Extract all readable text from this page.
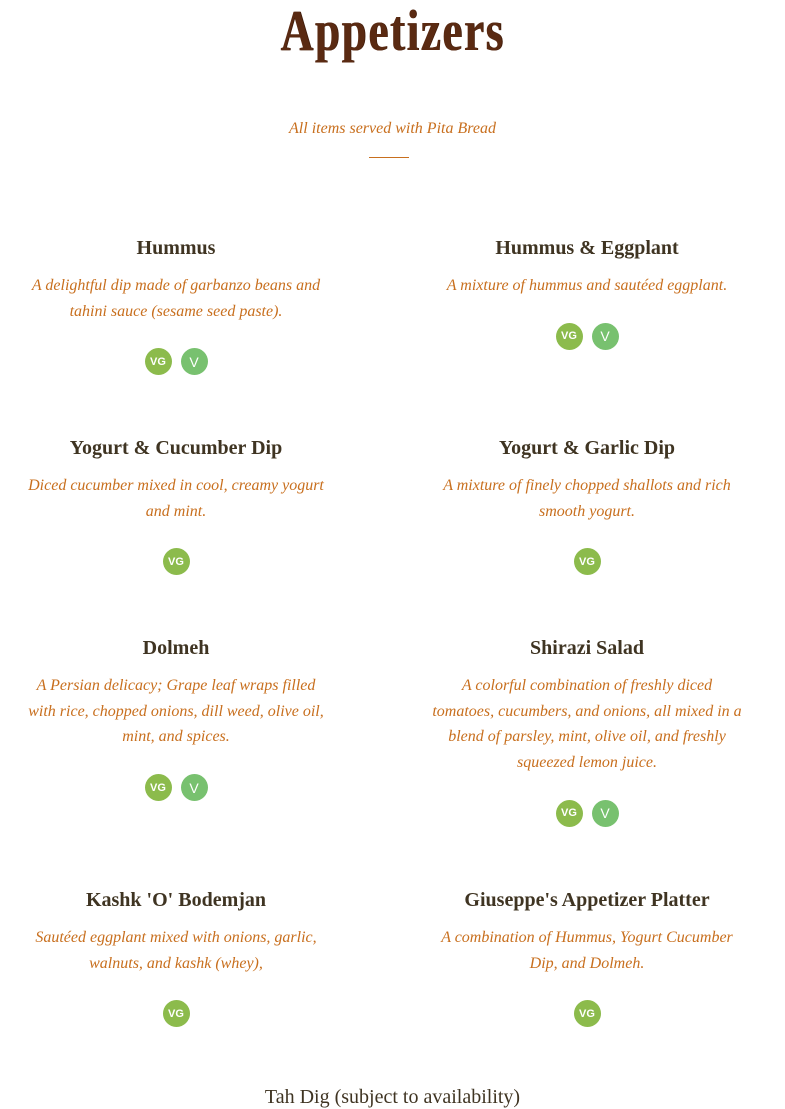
Appetizers
All items served with Pita Bread
Hummus

A delightful dip made of garbanzo beans and tahini sauce (sesame seed paste).

VG	V
Hummus & Eggplant

A mixture of hummus and sautéed eggplant.

VG	V
Yogurt & Cucumber Dip

Diced cucumber mixed in cool, creamy yogurt and mint.

VG
Yogurt & Garlic Dip

A mixture of finely chopped shallots and rich smooth yogurt.

VG
Dolmeh

A Persian delicacy; Grape leaf wraps filled with rice, chopped onions, dill weed, olive oil, mint, and spices.

VG	V
Shirazi Salad

A colorful combination of freshly diced tomatoes, cucumbers, and onions, all mixed in a blend of parsley, mint, olive oil, and freshly squeezed lemon juice.

VG	V
Kashk 'O' Bodemjan

Sautéed eggplant mixed with onions, garlic, walnuts, and kashk (whey),

VG
Giuseppe's Appetizer Platter

A combination of Hummus, Yogurt Cucumber Dip, and Dolmeh.

VG
Tah Dig (subject to availability)
